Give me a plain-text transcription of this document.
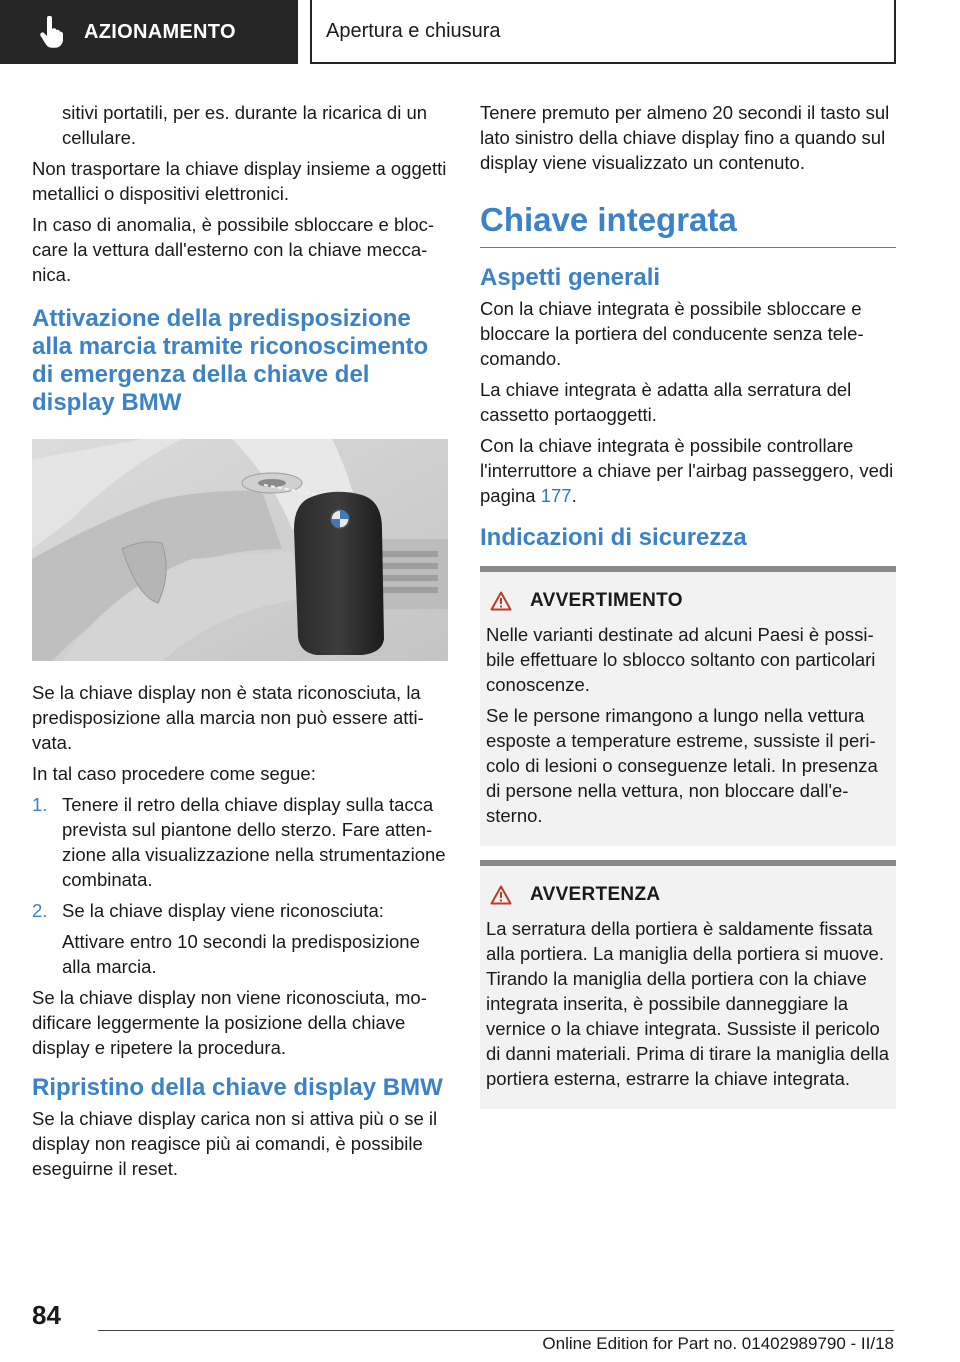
AZIONAMENTO	Apertura e chiusura

sitivi portatili, per es. durante la ricarica di un cellulare.

Non trasportare la chiave display insieme a oggetti metallici o dispositivi elettronici.

In caso di anomalia, è possibile sbloccare e bloccare la vettura dall'esterno con la chiave meccanica.

Attivazione della predisposizione alla marcia tramite riconoscimento di emergenza della chiave del display BMW

Se la chiave display non è stata riconosciuta, la predisposizione alla marcia non può essere attivata.

In tal caso procedere come segue:

1. Tenere il retro della chiave display sulla tacca prevista sul piantone dello sterzo. Fare attenzione alla visualizzazione nella strumentazione combinata.
2. Se la chiave display viene riconosciuta:

Attivare entro 10 secondi la predisposizione alla marcia.

Se la chiave display non viene riconosciuta, modificare leggermente la posizione della chiave display e ripetere la procedura.

Ripristino della chiave display BMW

Se la chiave display carica non si attiva più o se il display non reagisce più ai comandi, è possibile eseguirne il reset.

Tenere premuto per almeno 20 secondi il tasto sul lato sinistro della chiave display fino a quando sul display viene visualizzato un contenuto.

Chiave integrata
Aspetti generali

Con la chiave integrata è possibile sbloccare e bloccare la portiera del conducente senza telecomando.

La chiave integrata è adatta alla serratura del cassetto portaoggetti.

Con la chiave integrata è possibile controllare l'interruttore a chiave per l'airbag passeggero, vedi pagina 177.

Indicazioni di sicurezza
AVVERTIMENTO

Nelle varianti destinate ad alcuni Paesi è possibile effettuare lo sblocco soltanto con particolari conoscenze.

Se le persone rimangono a lungo nella vettura esposte a temperature estreme, sussiste il pericolo di lesioni o conseguenze letali. In presenza di persone nella vettura, non bloccare dall'esterno.

AVVERTENZA

La serratura della portiera è saldamente fissata alla portiera. La maniglia della portiera si muove. Tirando la maniglia della portiera con la chiave integrata inserita, è possibile danneggiare la vernice o la chiave integrata. Sussiste il pericolo di danni materiali. Prima di tirare la maniglia della portiera esterna, estrarre la chiave integrata.

84
Online Edition for Part no. 01402989790 - II/18
